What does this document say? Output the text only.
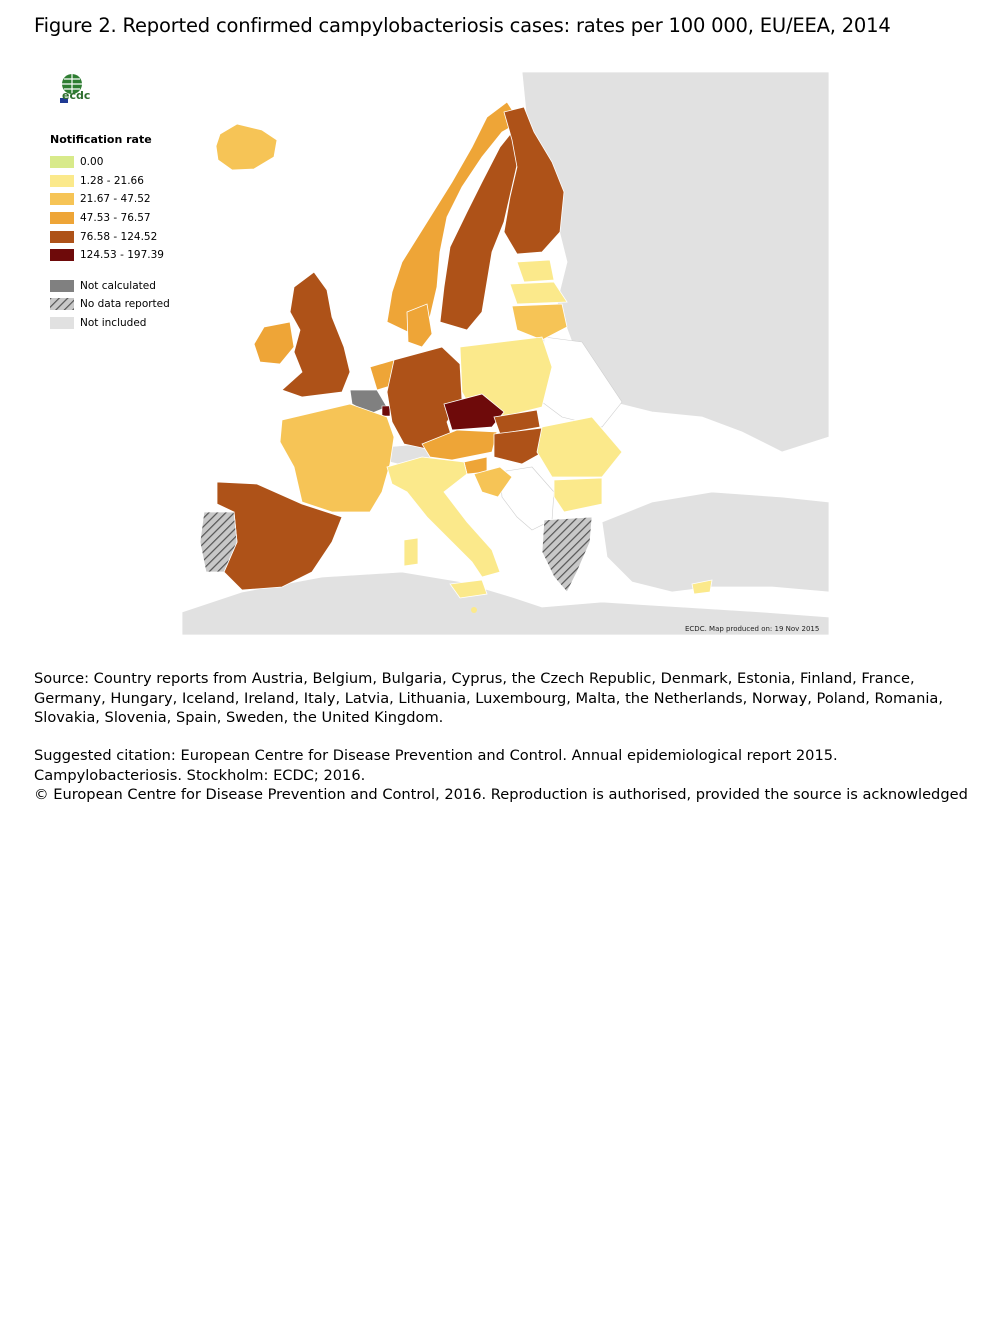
Figure 2. Reported confirmed campylobacteriosis cases: rates per 100 000, EU/EEA, 2014
ecdc
Notification rate
0.00
1.28 - 21.66
21.67 - 47.52
47.53 - 76.57
76.58 - 124.52
124.53 - 197.39
Not calculated
No data reported
Not included
ECDC. Map produced on: 19 Nov 2015
Source: Country reports from Austria, Belgium, Bulgaria, Cyprus, the Czech Republic, Denmark, Estonia, Finland, France, Germany, Hungary, Iceland, Ireland, Italy, Latvia, Lithuania, Luxembourg, Malta, the Netherlands, Norway, Poland, Romania, Slovakia, Slovenia, Spain, Sweden, the United Kingdom.
Suggested citation: European Centre for Disease Prevention and Control. Annual epidemiological report 2015. Campylobacteriosis. Stockholm: ECDC; 2016.
© European Centre for Disease Prevention and Control, 2016. Reproduction is authorised, provided the source is acknowledged
